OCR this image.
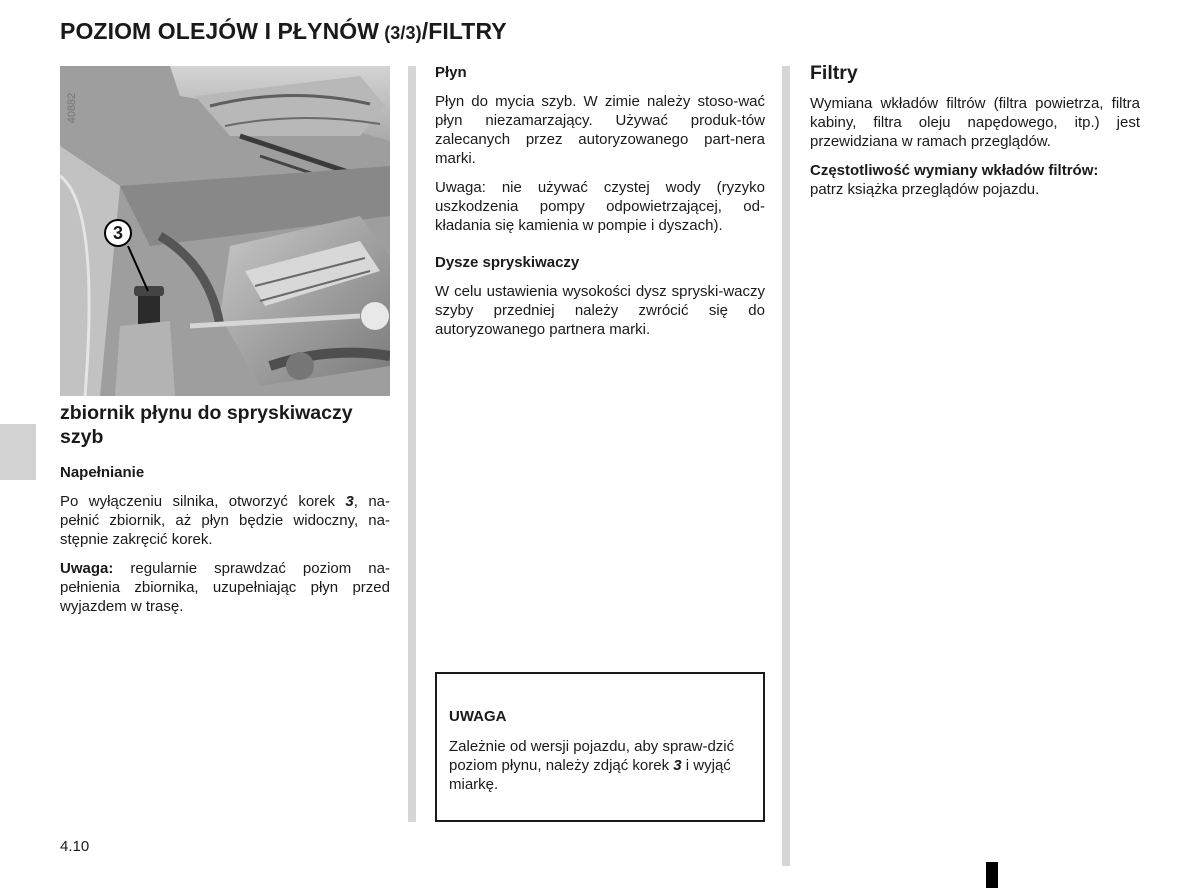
POZIOM OLEJÓW I PŁYNÓW (3/3)/FILTRY
40882
3
zbiornik płynu do spryskiwaczy szyb
Napełnianie

Po wyłączeniu silnika, otworzyć korek 3, na-pełnić zbiornik, aż płyn będzie widoczny, na-stępnie zakręcić korek.

Uwaga: regularnie sprawdzać poziom na-pełnienia zbiornika, uzupełniając płyn przed wyjazdem w trasę.

Płyn

Płyn do mycia szyb. W zimie należy stoso-wać płyn niezamarzający. Używać produk-tów zalecanych przez autoryzowanego part-nera marki.

Uwaga: nie używać czystej wody (ryzyko uszkodzenia pompy odpowietrzającej, od-kładania się kamienia w pompie i dyszach).

Dysze spryskiwaczy

W celu ustawienia wysokości dysz spryski-waczy szyby przedniej należy zwrócić się do autoryzowanego partnera marki.

UWAGA
Zależnie od wersji pojazdu, aby spraw-dzić poziom płynu, należy zdjąć korek 3 i wyjąć miarkę.
Filtry

Wymiana wkładów filtrów (filtra powietrza, filtra kabiny, filtra oleju napędowego, itp.) jest przewidziana w ramach przeglądów.

Częstotliwość wymiany wkładów filtrów:
patrz książka przeglądów pojazdu.

4.10
